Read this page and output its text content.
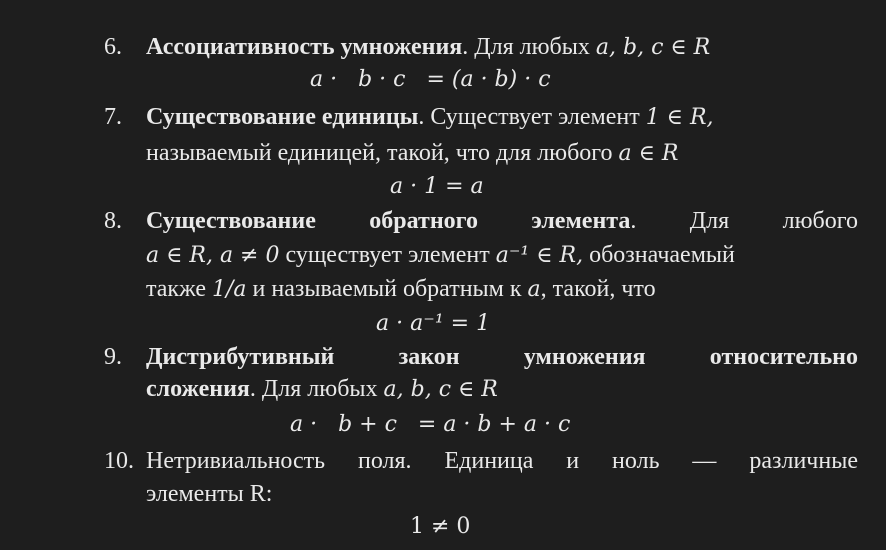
6. Ассоциативность умножения. Для любых a, b, c ∈ R
a ·   b · c   = (a · b) · c
7. Существование единицы. Существует элемент 1 ∈ R,
называемый единицей, такой, что для любого a ∈ R
a · 1 = a
8. Существование обратного элемента. Для любого
a ∈ R, a ≠ 0 существует элемент a⁻¹ ∈ R, обозначаемый
также 1/a и называемый обратным к a, такой, что
a · a⁻¹ = 1
9. Дистрибутивный закон умножения относительно
сложения. Для любых a, b, c ∈ R
a ·   b + c   = a · b + a · c
10. Нетривиальность поля. Единица и ноль — различные
элементы R:
1 ≠ 0
